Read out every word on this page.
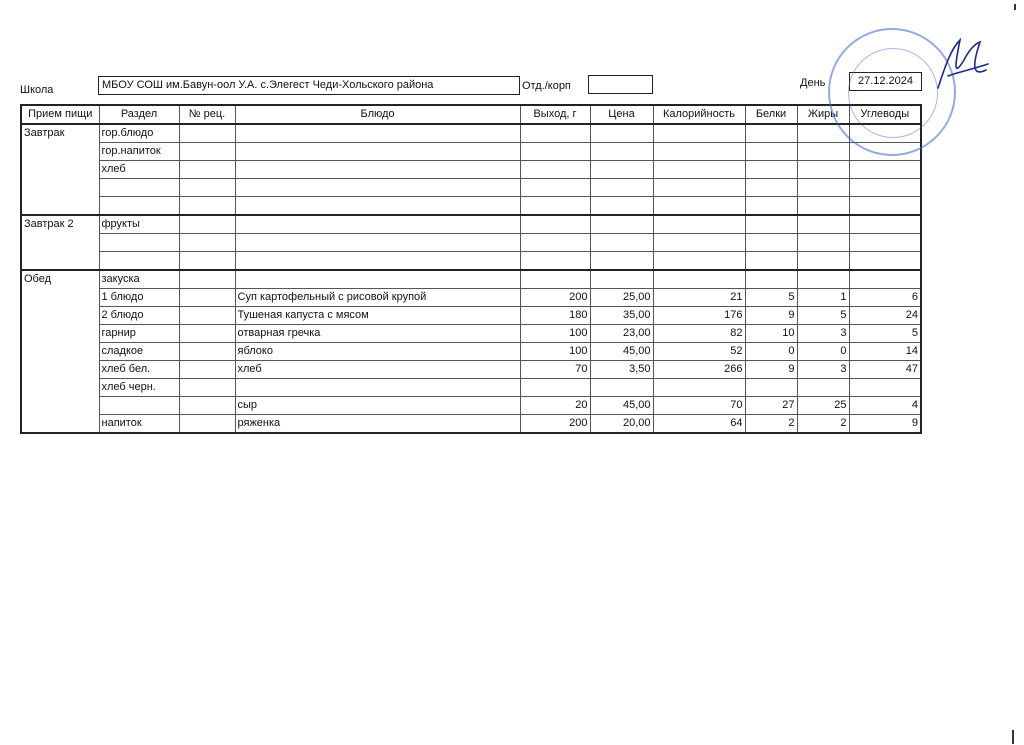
Школа	МБОУ СОШ им.Бавун-оол У.А. с.Элегест Чеди-Хольского района	Отд./корп	День	27.12.2024
Прием пищи	Раздел	№ рец.	Блюдо	Выход, г	Цена	Калорийность	Белки	Жиры	Углеводы
Завтрак	гор.блюдо								
	гор.напиток								
	хлеб								

Завтрак 2	фрукты								

Обед	закуска								
	1 блюдо		Суп картофельный с рисовой крупой	200	25,00	21	5	1	6
	2 блюдо		Тушеная капуста с мясом	180	35,00	176	9	5	24
	гарнир		отварная гречка	100	23,00	82	10	3	5
	сладкое		яблоко	100	45,00	52	0	0	14
	хлеб бел.		хлеб	70	3,50	266	9	3	47
	хлеб черн.								
			сыр	20	45,00	70	27	25	4
	напиток		ряженка	200	20,00	64	2	2	9
